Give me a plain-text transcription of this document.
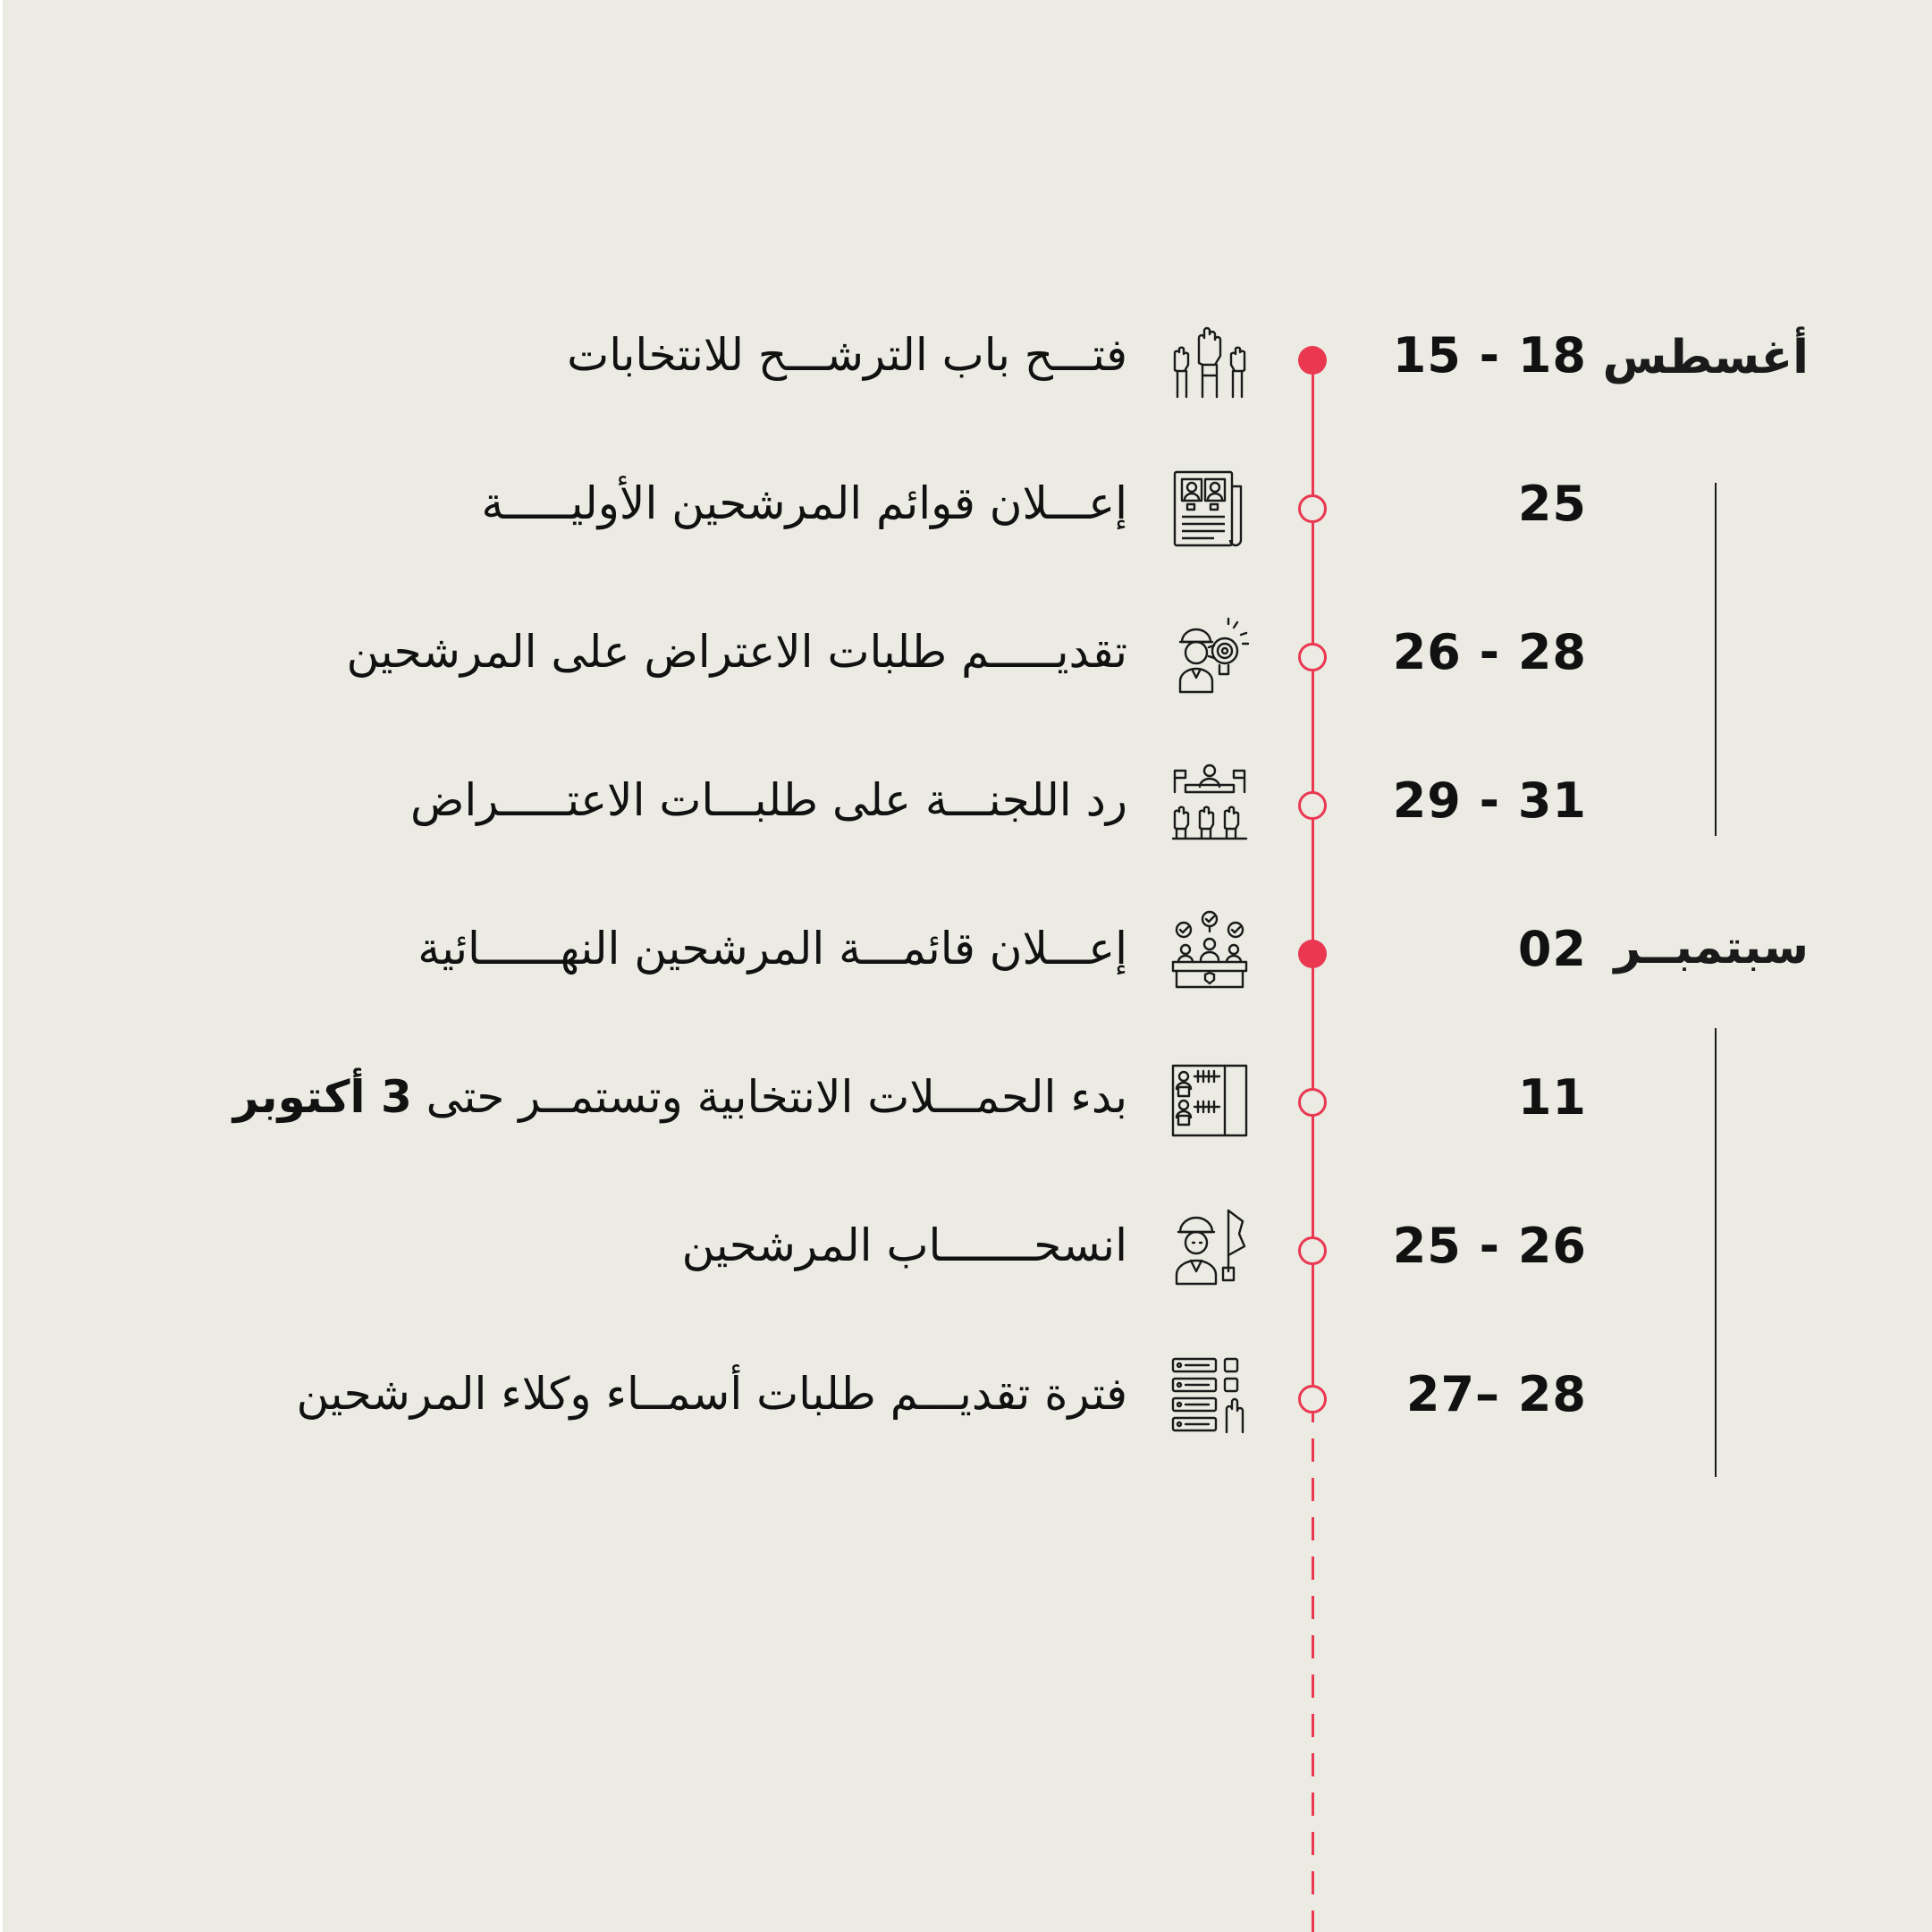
أغسطس
سبتمبــر
15 - 18
فتـــح باب الترشـــح للانتخابات
25
إعـــلان قوائم المرشحين الأوليـــــة
26 - 28
تقديـــــم طلبات الاعتراض على المرشحين
29 - 31
رد اللجنـــة على طلبـــات الاعتـــــراض
02
إعـــلان قائمـــة المرشحين النهــــــائية
11
بدء الحمـــلات الانتخابية وتستمــر حتى 3 أكتوبر
25 - 26
انسحـــــــاب المرشحين
27– 28
فترة تقديـــم طلبات أسمــاء وكلاء المرشحين
